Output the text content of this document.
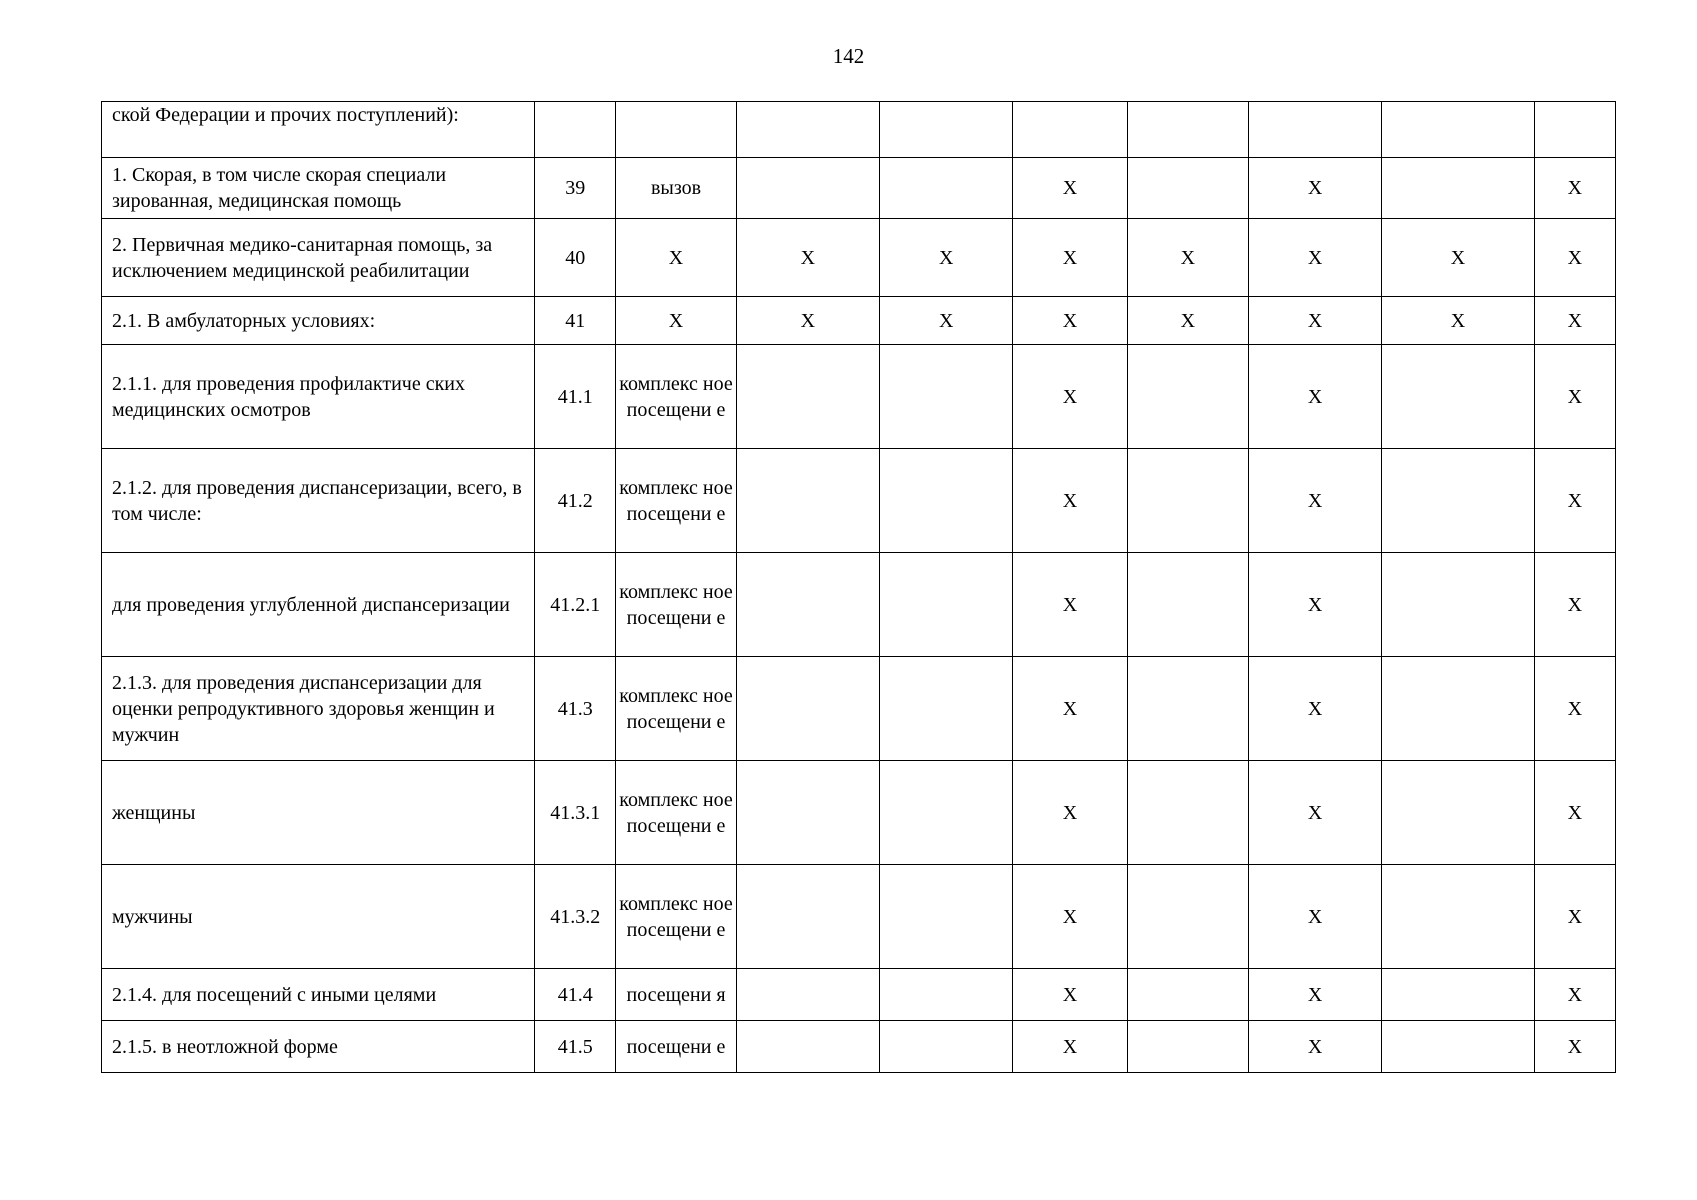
142
ской Федерации и прочих поступлений):									
1. Скорая, в том числе скорая специали зированная, медицинская помощь	39	вызов			X		X		X
2. Первичная медико-санитарная помощь, за исключением медицинской реабилитации	40	X	X	X	X	X	X	X	X
2.1. В амбулаторных условиях:	41	X	X	X	X	X	X	X	X
2.1.1. для проведения профилактиче ских медицинских осмотров	41.1	комплекс ное посещени е			X		X		X
2.1.2. для проведения диспансеризации, всего, в том числе:	41.2	комплекс ное посещени е			X		X		X
для проведения углубленной диспансеризации	41.2.1	комплекс ное посещени е			X		X		X
2.1.3. для проведения диспансеризации для оценки репродуктивного здоровья женщин и мужчин	41.3	комплекс ное посещени е			X		X		X
женщины	41.3.1	комплекс ное посещени е			X		X		X
мужчины	41.3.2	комплекс ное посещени е			X		X		X
2.1.4. для посещений с иными целями	41.4	посещени я			X		X		X
2.1.5. в неотложной форме	41.5	посещени е			X		X		X
